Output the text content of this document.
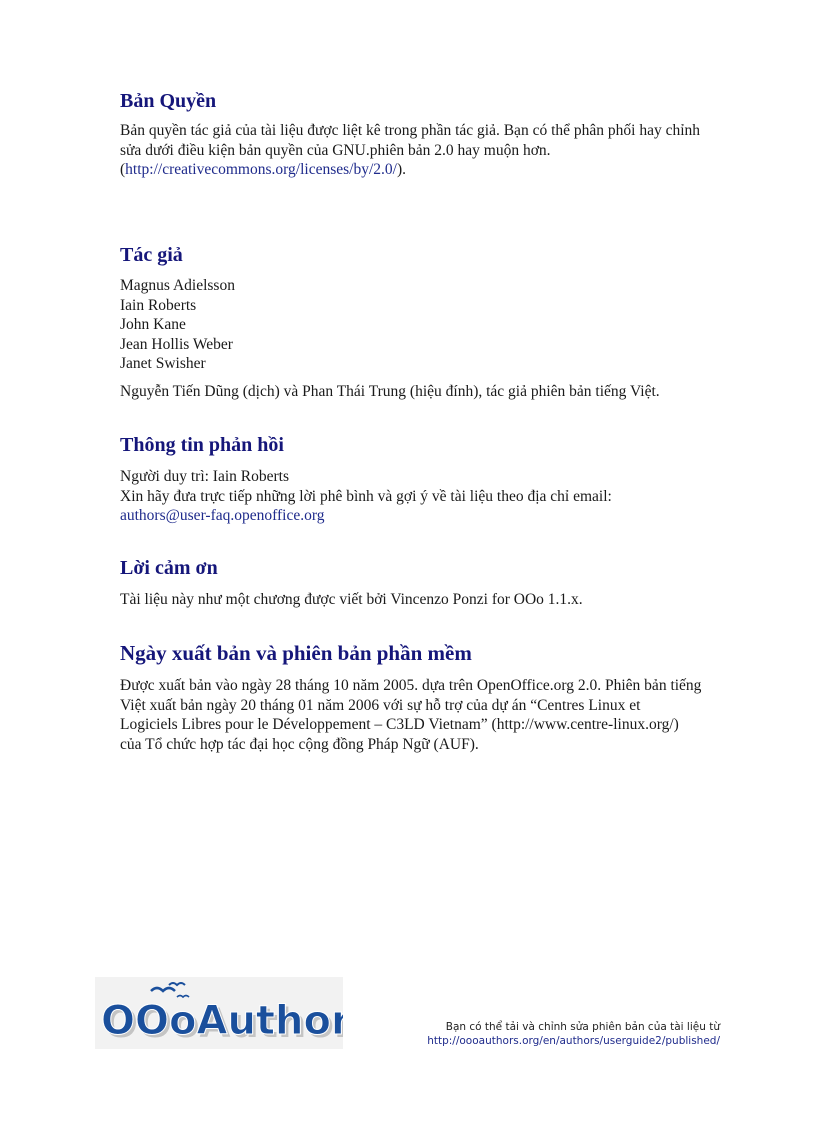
Bản Quyền
Bản quyền tác giả của tài liệu được liệt kê trong phần tác giả. Bạn có thể phân phối hay chỉnh
sửa dưới điều kiện bản quyền của GNU.phiên bản 2.0 hay muộn hơn.
(http://creativecommons.org/licenses/by/2.0/).
Tác giả
Magnus Adielsson
Iain Roberts
John Kane
Jean Hollis Weber
Janet Swisher

Nguyễn Tiến Dũng (dịch) và Phan Thái Trung (hiệu đính), tác giả phiên bản tiếng Việt.

Thông tin phản hồi
Người duy trì: Iain Roberts
Xin hãy đưa trực tiếp những lời phê bình và gợi ý về tài liệu theo địa chỉ email:
authors@user-faq.openoffice.org
Lời cảm ơn

Tài liệu này như một chương được viết bởi Vincenzo Ponzi for OOo 1.1.x.

Ngày xuất bản và phiên bản phần mềm
Được xuất bản vào ngày 28 tháng 10 năm 2005. dựa trên OpenOffice.org 2.0. Phiên bản tiếng
Việt xuất bản ngày 20 tháng 01 năm 2006 với sự hỗ trợ của dự án “Centres Linux et
Logiciels Libres pour le Développement – C3LD Vietnam” (http://www.centre-linux.org/)
của Tổ chức hợp tác đại học cộng đồng Pháp Ngữ (AUF).
OOoAutho
OOoAuthor	Bạn có thể tải và chỉnh sửa phiên bản của tài liệu từ
http://oooauthors.org/en/authors/userguide2/published/
